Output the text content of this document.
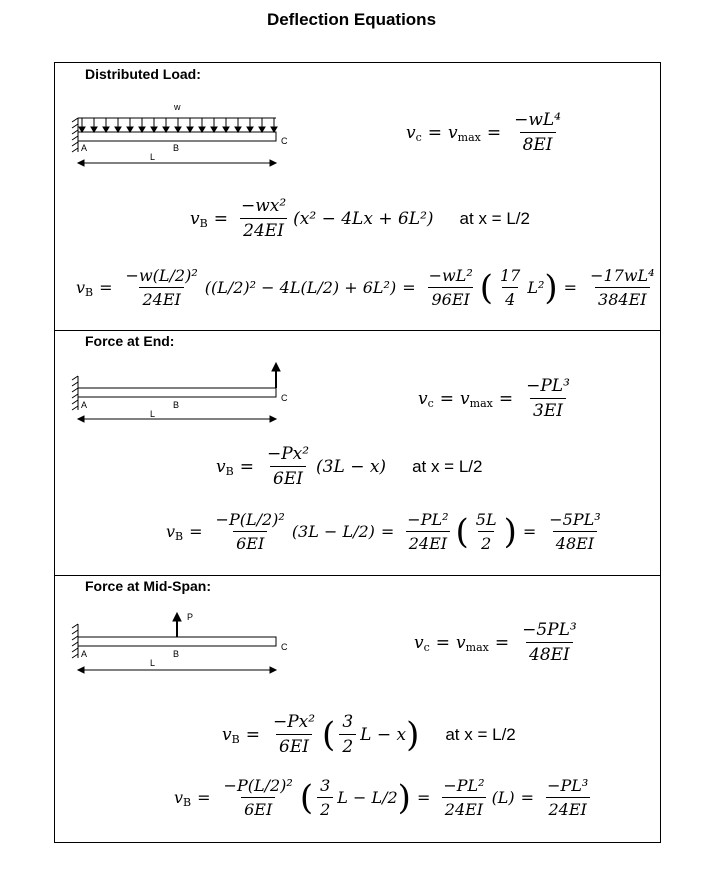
Deflection Equations
Distributed Load:
w
A	B
C
L
v c = v $\max = \frac{\text{−wL⁴}}{8EI}$
v $B = \frac{\text{−wx²}}{24EI} (x^2 - 4Lx + 6L^2)$ at x = L/2
v $B = \frac{\text{−w(L/2)²}}{24EI} ((L/2)^2 - 4L(L/2) + 6L^2) = \frac{\text{−wL²}}{96EI}$ ( $\frac{17}{4} L^2$ ) = $\frac{\text{−17wL⁴}}{384EI}$
Force at End:
A	B
C
L
v c = v $\max = \frac{\text{−PL³}}{3EI}$
v $B = \frac{\text{−Px²}}{6EI} (3L - x)$ at x = L/2
v $B = \frac{\text{−P(L/2)²}}{6EI} (3L - L/2) = \frac{\text{−PL²}}{24EI}$ ( $\frac{5L}{2}$ ) = $\frac{\text{−5PL³}}{48EI}$
Force at Mid-Span:
P
A	B
C
L
v c = v $\max = \frac{\text{−5PL³}}{48EI}$
v $B = \frac{\text{−Px²}}{6EI}$ ( $\frac{3}{2}$ L − x ) at x = L/2
v $B = \frac{\text{−P(L/2)²}}{6EI}$ ( $\frac{3}{2}$ L − L/2 ) = $\frac{\text{−PL²}}{24EI} (L) = \frac{\text{−PL³}}{24EI}$
